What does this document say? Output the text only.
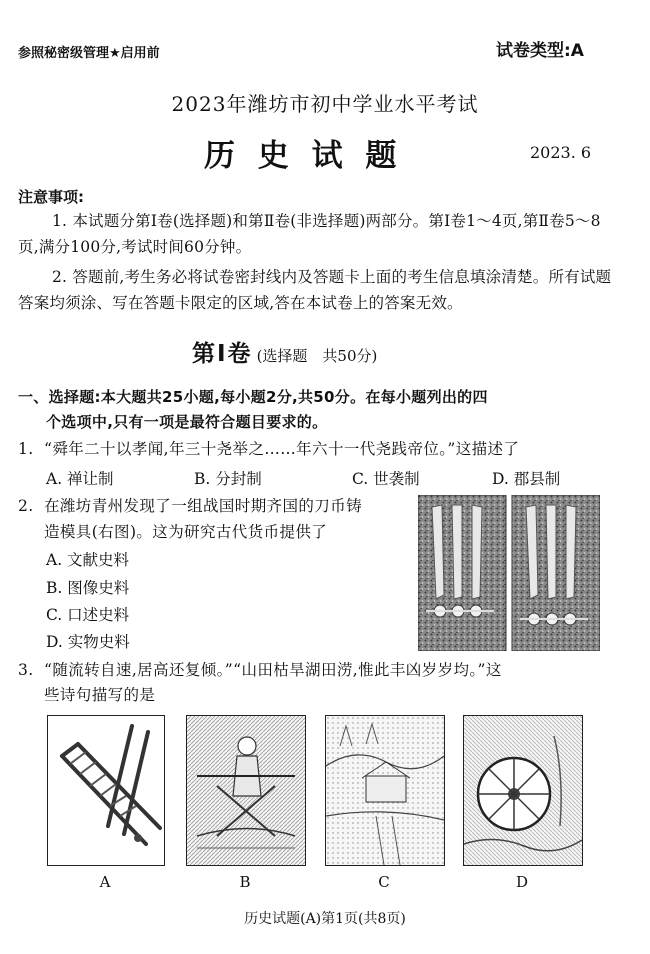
参照秘密级管理★启用前	试卷类型:A
2023年潍坊市初中学业水平考试
历 史 试 题	2023. 6
注意事项:
1. 本试题分第Ⅰ卷(选择题)和第Ⅱ卷(非选择题)两部分。第Ⅰ卷1～4页,第Ⅱ卷5～8页,满分100分,考试时间60分钟。
2. 答题前,考生务必将试卷密封线内及答题卡上面的考生信息填涂清楚。所有试题答案均须涂、写在答题卡限定的区域,答在本试卷上的答案无效。
第Ⅰ卷 (选择题　共50分)
一、选择题:本大题共25小题,每小题2分,共50分。在每小题列出的四
个选项中,只有一项是最符合题目要求的。
1. “舜年二十以孝闻,年三十尧举之……年六十一代尧践帝位。”这描述了
A. 禅让制	B. 分封制	C. 世袭制	D. 郡县制
2. 在潍坊青州发现了一组战国时期齐国的刀币铸
造模具(右图)。这为研究古代货币提供了
A. 文献史料
B. 图像史料
C. 口述史料
D. 实物史料
3. “随流转自速,居高还复倾。”“山田枯旱湖田涝,惟此丰凶岁岁均。”这
些诗句描写的是
A	B	C	D
历史试题(A)第1页(共8页)
